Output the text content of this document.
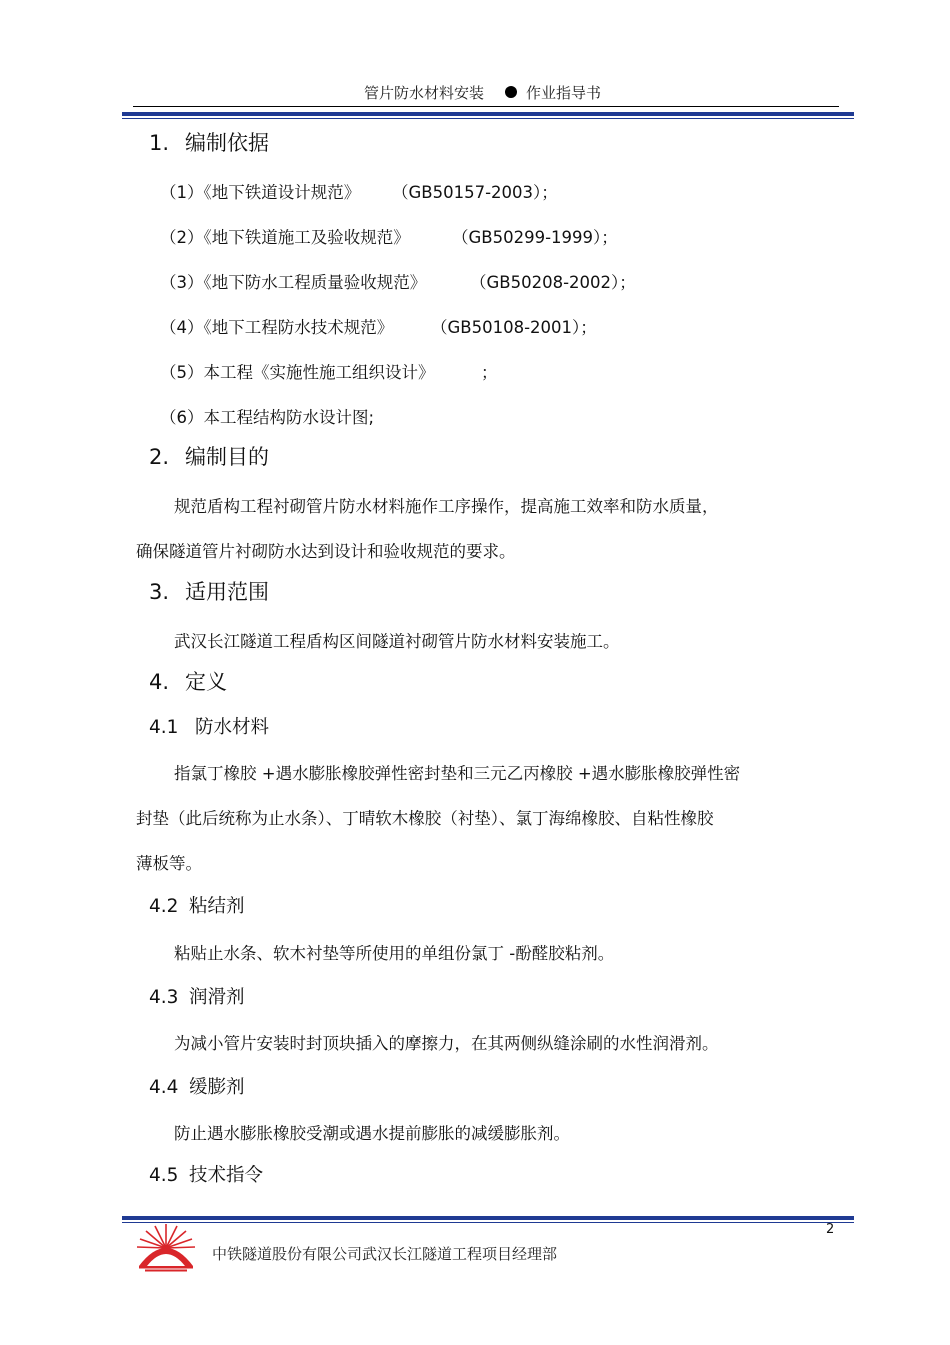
管片防水材料安装	作业指导书
1. 编制依据
（1）《地下铁道设计规范》 （GB50157-2003）；
（2）《地下铁道施工及验收规范》	（GB50299-1999）；
（3）《地下防水工程质量验收规范》	（GB50208-2002）；
（4）《地下工程防水技术规范》 （GB50108-2001）；
（5）本工程《实施性施工组织设计》	；
（6）本工程结构防水设计图;
2. 编制目的
规范盾构工程衬砌管片防水材料施作工序操作，提高施工效率和防水质量，
确保隧道管片衬砌防水达到设计和验收规范的要求。
3. 适用范围
武汉长江隧道工程盾构区间隧道衬砌管片防水材料安装施工。
4. 定义
4.1 防水材料
指氯丁橡胶 +遇水膨胀橡胶弹性密封垫和三元乙丙橡胶 +遇水膨胀橡胶弹性密
封垫（此后统称为止水条）、丁晴软木橡胶（衬垫）、氯丁海绵橡胶、自粘性橡胶
薄板等。
4.2 粘结剂
粘贴止水条、软木衬垫等所使用的单组份氯丁 -酚醛胶粘剂。
4.3 润滑剂
为减小管片安装时封顶块插入的摩擦力，在其两侧纵缝涂刷的水性润滑剂。
4.4 缓膨剂
防止遇水膨胀橡胶受潮或遇水提前膨胀的减缓膨胀剂。
4.5 技术指令
2
中铁隧道股份有限公司武汉长江隧道工程项目经理部
